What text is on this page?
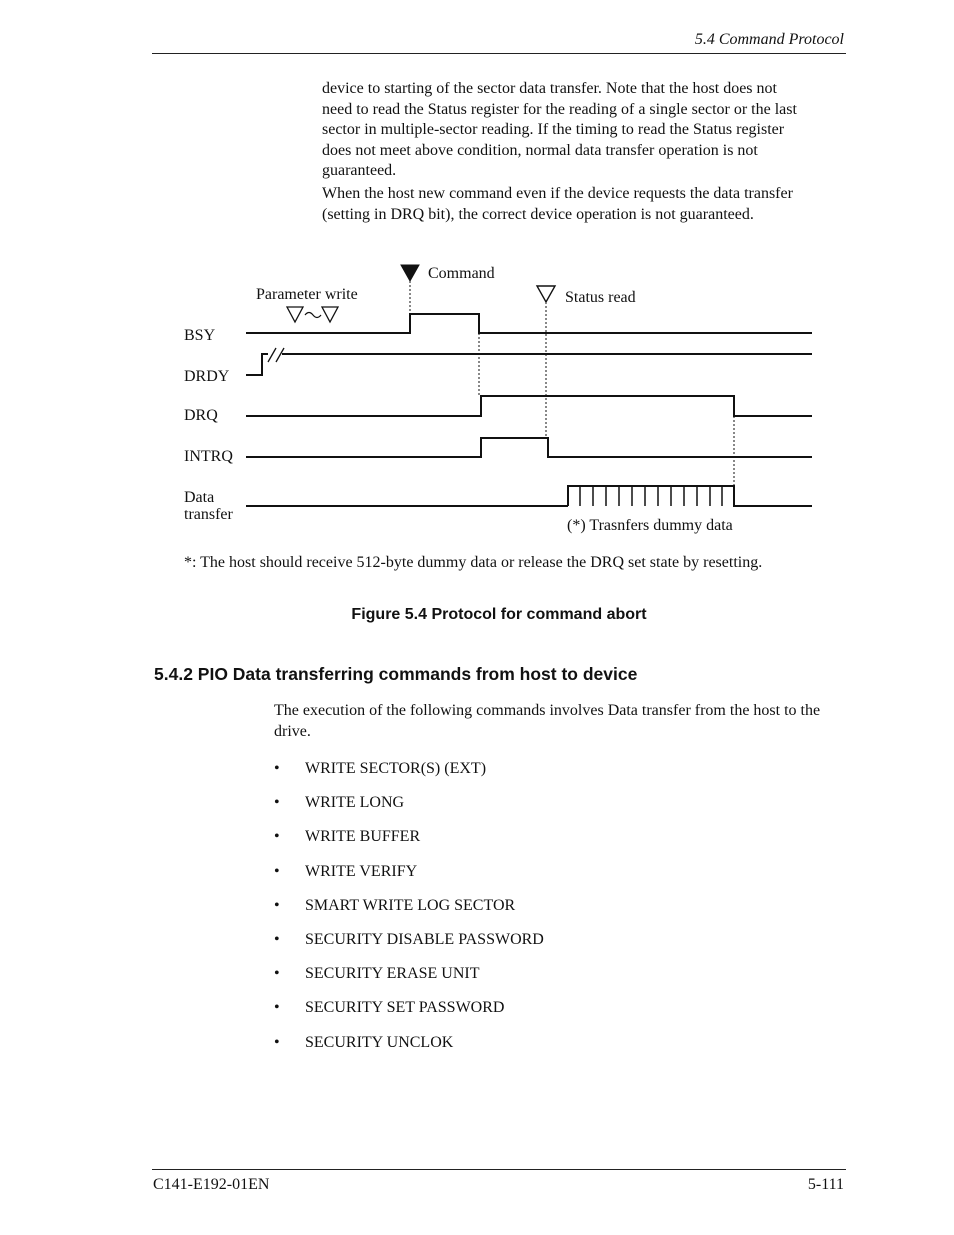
5.4 Command Protocol
device to starting of the sector data transfer. Note that the host does not need to read the Status register for the reading of a single sector or the last sector in multiple-sector reading. If the timing to read the Status register does not meet above condition, normal data transfer operation is not guaranteed.
When the host new command even if the device requests the data transfer (setting in DRQ bit), the correct device operation is not guaranteed.
Command
Parameter write	Status read
BSY
DRDY
DRQ
INTRQ
Data
transfer
(*) Trasnfers dummy data
*: The host should receive 512-byte dummy data or release the DRQ set state by resetting.
Figure 5.4 Protocol for command abort
5.4.2 PIO Data transferring commands from host to device
The execution of the following commands involves Data transfer from the host to the drive.
• WRITE SECTOR(S) (EXT)
• WRITE LONG
• WRITE BUFFER
• WRITE VERIFY
• SMART WRITE LOG SECTOR
• SECURITY DISABLE PASSWORD
• SECURITY ERASE UNIT
• SECURITY SET PASSWORD
• SECURITY UNCLOK
C141-E192-01EN	5-111
